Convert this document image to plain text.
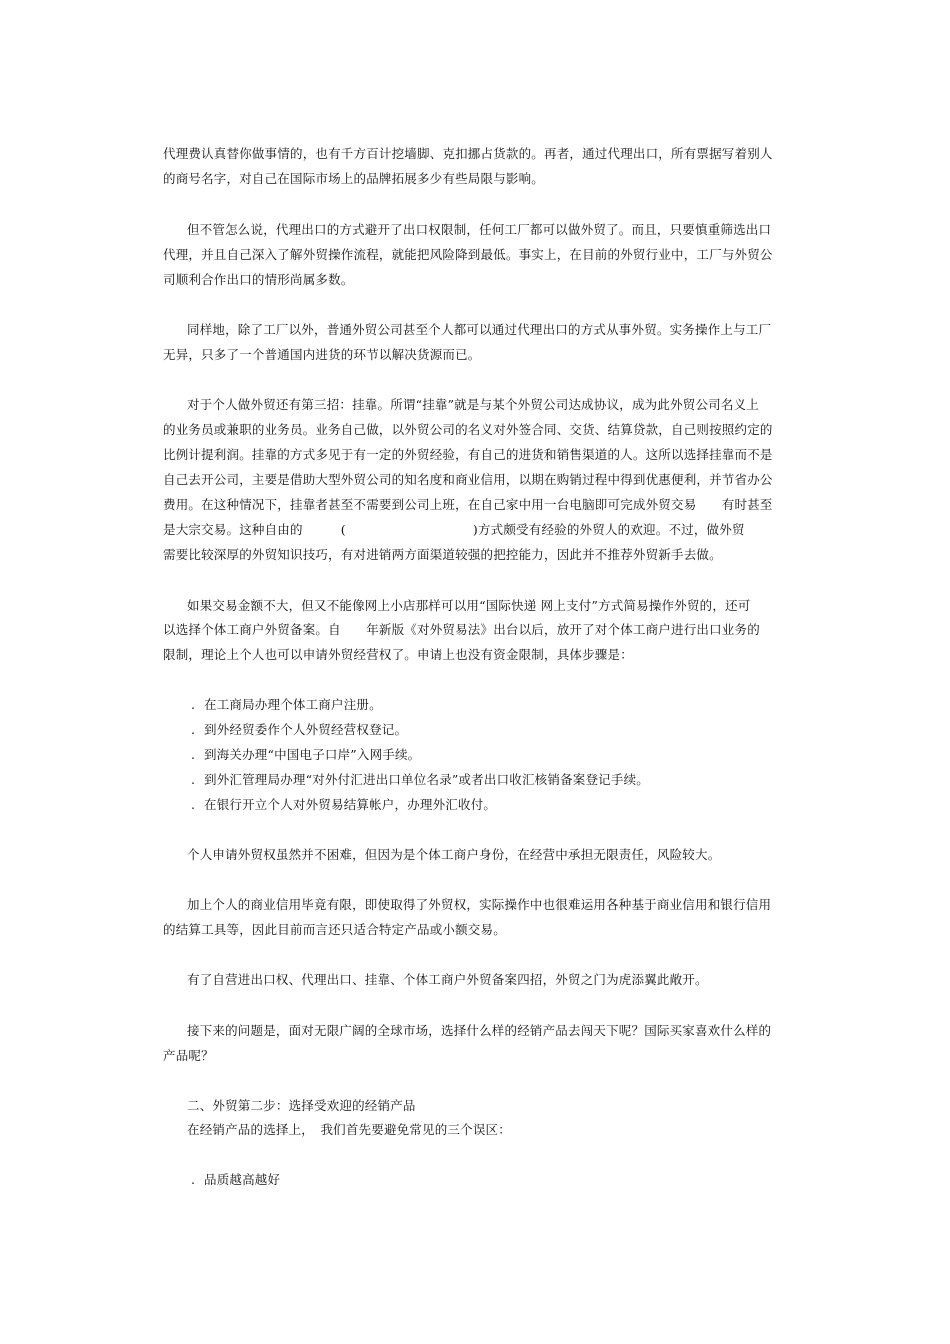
代理费认真替你做事情的，也有千方百计挖墙脚、克扣挪占货款的。再者，通过代理出口，所有票据写着别人
的商号名字，对自己在国际市场上的品牌拓展多少有些局限与影响。
但不管怎么说，代理出口的方式避开了出口权限制，任何工厂都可以做外贸了。而且，只要慎重筛选出口
代理，并且自己深入了解外贸操作流程，就能把风险降到最低。事实上，在目前的外贸行业中，工厂与外贸公
司顺利合作出口的情形尚属多数。
同样地，除了工厂以外，普通外贸公司甚至个人都可以通过代理出口的方式从事外贸。实务操作上与工厂
无异，只多了一个普通国内进货的环节以解决货源而已。
对于个人做外贸还有第三招：挂靠。所谓“挂靠”就是与某个外贸公司达成协议，成为此外贸公司名义上
的业务员或兼职的业务员。业务自己做，以外贸公司的名义对外签合同、交货、结算贷款，自己则按照约定的
比例计提利润。挂靠的方式多见于有一定的外贸经验，有自己的进货和销售渠道的人。这所以选择挂靠而不是
自己去开公司，主要是借助大型外贸公司的知名度和商业信用，以期在购销过程中得到优惠便利，并节省办公
费用。在这种情况下，挂靠者甚至不需要到公司上班，在自己家中用一台电脑即可完成外贸交易　　有时甚至
是大宗交易。这种自由的　　　(　　　　　　　　　　)方式颇受有经验的外贸人的欢迎。不过，做外贸
需要比较深厚的外贸知识技巧，有对进销两方面渠道较强的把控能力，因此并不推荐外贸新手去做。
如果交易金额不大，但又不能像网上小店那样可以用“国际快递 网上支付”方式简易操作外贸的，还可
以选择个体工商户外贸备案。自　　年新版《对外贸易法》出台以后，放开了对个体工商户进行出口业务的
限制，理论上个人也可以申请外贸经营权了。申请上也没有资金限制，具体步骤是：
. 在工商局办理个体工商户注册。
. 到外经贸委作个人外贸经营权登记。
. 到海关办理“中国电子口岸”入网手续。
. 到外汇管理局办理“对外付汇进出口单位名录”或者出口收汇核销备案登记手续。
. 在银行开立个人对外贸易结算帐户，办理外汇收付。
个人申请外贸权虽然并不困难，但因为是个体工商户身份，在经营中承担无限责任，风险较大。
加上个人的商业信用毕竟有限，即使取得了外贸权，实际操作中也很难运用各种基于商业信用和银行信用
的结算工具等，因此目前而言还只适合特定产品或小额交易。
有了自营进出口权、代理出口、挂靠、个体工商户外贸备案四招，外贸之门为虎添翼此敞开。
接下来的问题是，面对无限广阔的全球市场，选择什么样的经销产品去闯天下呢？国际买家喜欢什么样的
产品呢？
二、外贸第二步：选择受欢迎的经销产品
在经销产品的选择上，　我们首先要避免常见的三个误区：
. 品质越高越好
